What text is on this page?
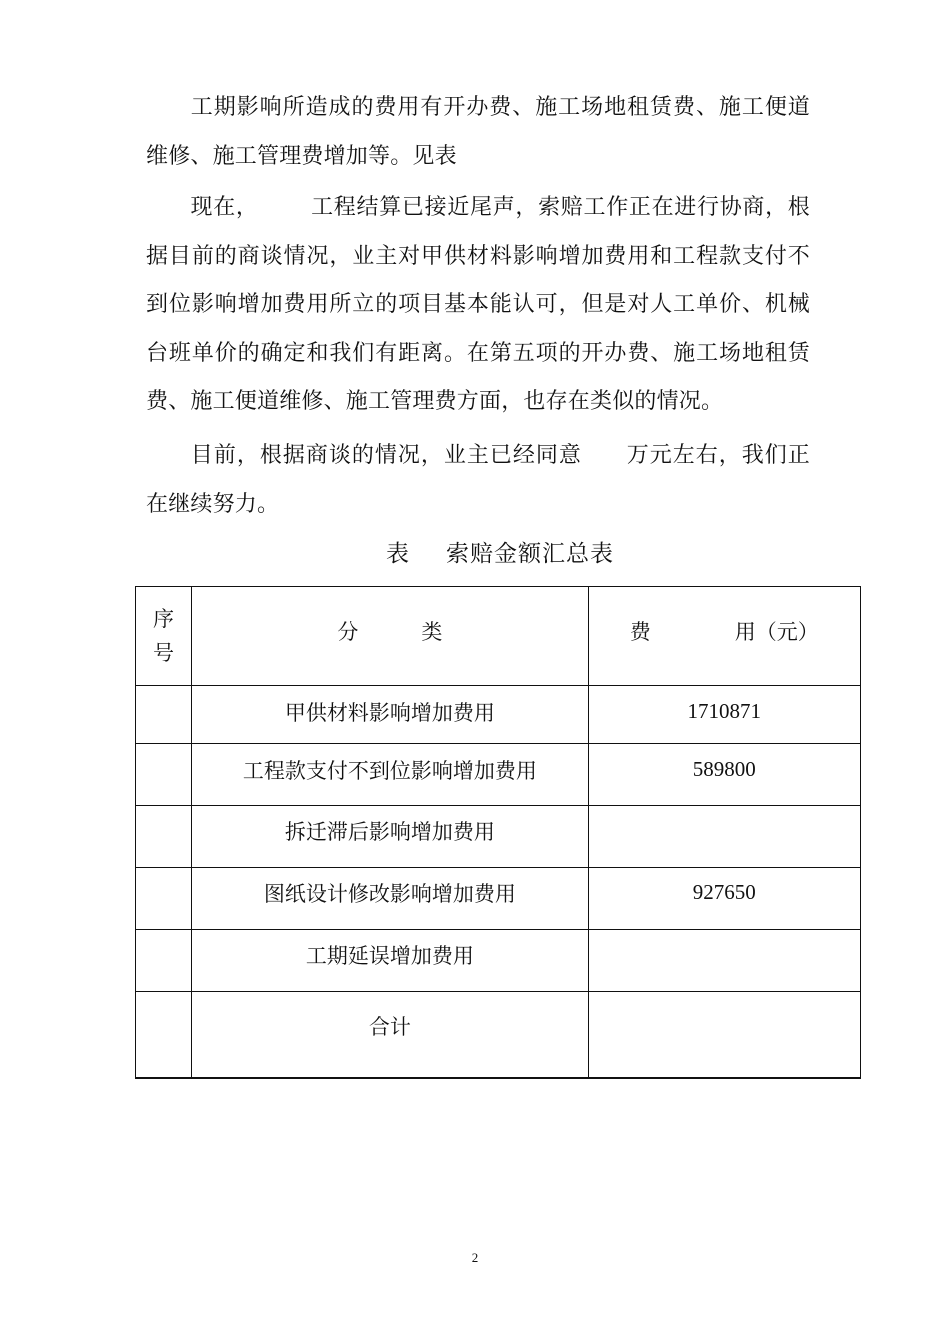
工期影响所造成的费用有开办费、施工场地租赁费、施工便道维修、施工管理费增加等。见表

现在， 工程结算已接近尾声，索赔工作正在进行协商，根据目前的商谈情况，业主对甲供材料影响增加费用和工程款支付不到位影响增加费用所立的项目基本能认可，但是对人工单价、机械台班单价的确定和我们有距离。在第五项的开办费、施工场地租赁费、施工便道维修、施工管理费方面，也存在类似的情况。

目前，根据商谈的情况，业主已经同意 万元左右，我们正在继续努力。

表 索赔金额汇总表
序
号	分　　　类	费　　　　用（元）
	甲供材料影响增加费用	1710871
	工程款支付不到位影响增加费用	589800
	拆迁滞后影响增加费用	
	图纸设计修改影响增加费用	927650
	工期延误增加费用	
	合计	
2
